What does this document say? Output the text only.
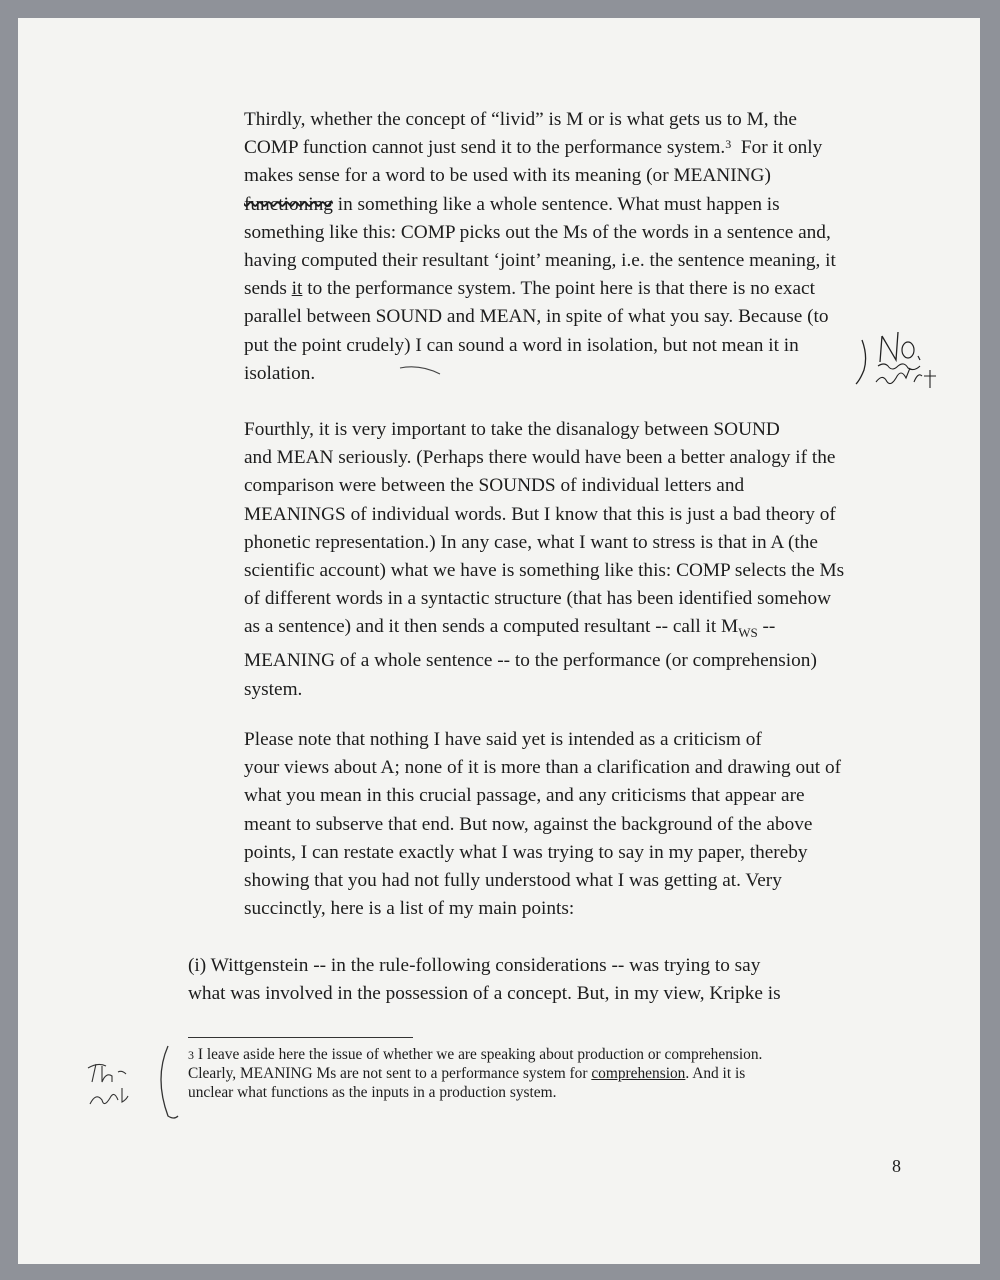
Thirdly, whether the concept of “livid” is M or is what gets us to M, the
COMP function cannot just send it to the performance system.$^3$  For it only
makes sense for a word to be used with its meaning (or MEANING)
functioning in something like a whole sentence. What must happen is
something like this: COMP picks out the Ms of the words in a sentence and,
having computed their resultant ‘joint’ meaning, i.e. the sentence meaning, it
sends it to the performance system. The point here is that there is no exact
parallel between SOUND and MEAN, in spite of what you say. Because (to
put the point crudely) I can sound a word in isolation, but not mean it in
isolation.

Fourthly, it is very important to take the disanalogy between SOUND
and MEAN seriously. (Perhaps there would have been a better analogy if the
comparison were between the SOUNDS of individual letters and
MEANINGS of individual words. But I know that this is just a bad theory of
phonetic representation.) In any case, what I want to stress is that in A (the
scientific account) what we have is something like this: COMP selects the Ms
of different words in a syntactic structure (that has been identified somehow
as a sentence) and it then sends a computed resultant -- call it $M_{WS}$ --
MEANING of a whole sentence -- to the performance (or comprehension)
system.

Please note that nothing I have said yet is intended as a criticism of
your views about A; none of it is more than a clarification and drawing out of
what you mean in this crucial passage, and any criticisms that appear are
meant to subserve that end. But now, against the background of the above
points, I can restate exactly what I was trying to say in my paper, thereby
showing that you had not fully understood what I was getting at. Very
succinctly, here is a list of my main points:

(i) Wittgenstein -- in the rule-following considerations -- was trying to say
what was involved in the possession of a concept. But, in my view, Kripke is

$^3$ I leave aside here the issue of whether we are speaking about production or comprehension.
Clearly, MEANING Ms are not sent to a performance system for comprehension. And it is
unclear what functions as the inputs in a production system.
8
